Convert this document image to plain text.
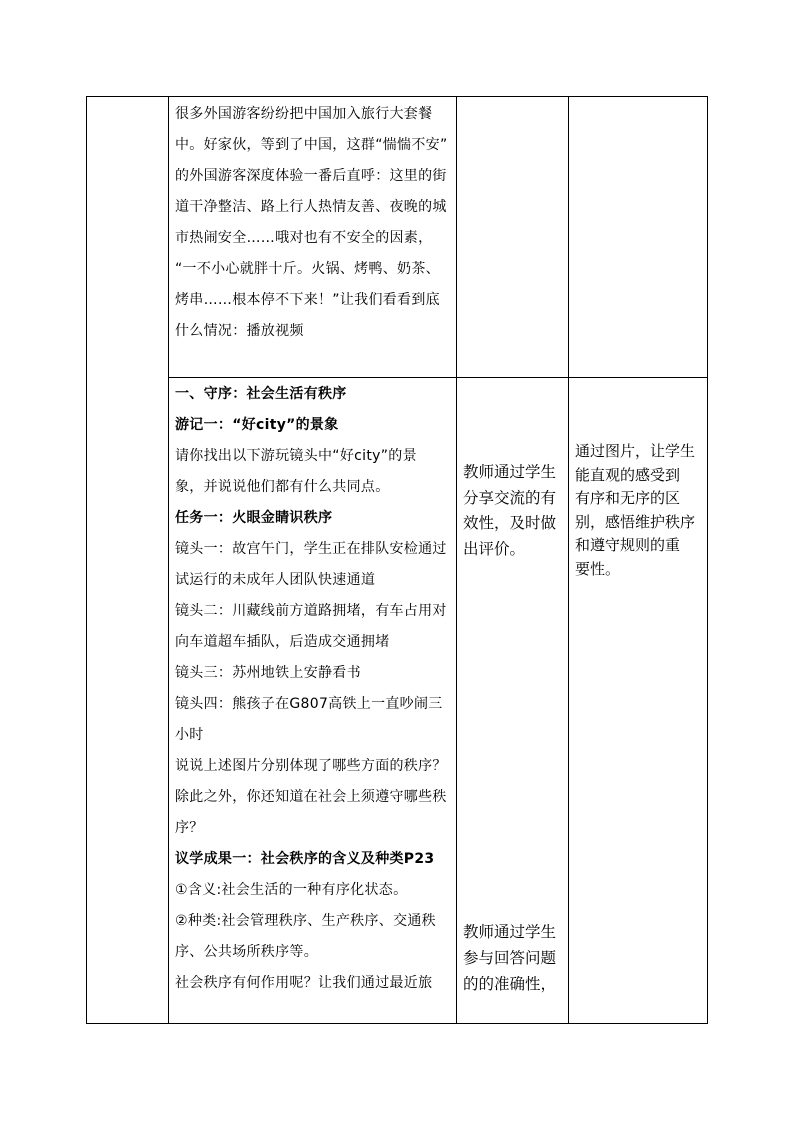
很多外国游客纷纷把中国加入旅行大套餐
中。好家伙，等到了中国，这群“惴惴不安”
的外国游客深度体验一番后直呼：这里的街
道干净整洁、路上行人热情友善、夜晚的城
市热闹安全……哦对也有不安全的因素，
“一不小心就胖十斤。火锅、烤鸭、奶茶、
烤串……根本停不下来！”让我们看看到底
什么情况：播放视频
一、守序：社会生活有秩序
游记一：“好city”的景象
请你找出以下游玩镜头中“好city”的景
象，并说说他们都有什么共同点。
任务一：火眼金睛识秩序
镜头一：故宫午门，学生正在排队安检通过
试运行的未成年人团队快速通道
镜头二：川藏线前方道路拥堵，有车占用对
向车道超车插队，后造成交通拥堵
镜头三：苏州地铁上安静看书
镜头四：熊孩子在G807高铁上一直吵闹三
小时
说说上述图片分别体现了哪些方面的秩序？
除此之外，你还知道在社会上须遵守哪些秩
序？
议学成果一：社会秩序的含义及种类P23
①含义:社会生活的一种有序化状态。
②种类:社会管理秩序、生产秩序、交通秩
序、公共场所秩序等。
社会秩序有何作用呢？让我们通过最近旅
教师通过学生
分享交流的有
效性，及时做
出评价。
教师通过学生
参与回答问题
的的准确性，
通过图片，让学生
能直观的感受到
有序和无序的区
别，感悟维护秩序
和遵守规则的重
要性。
